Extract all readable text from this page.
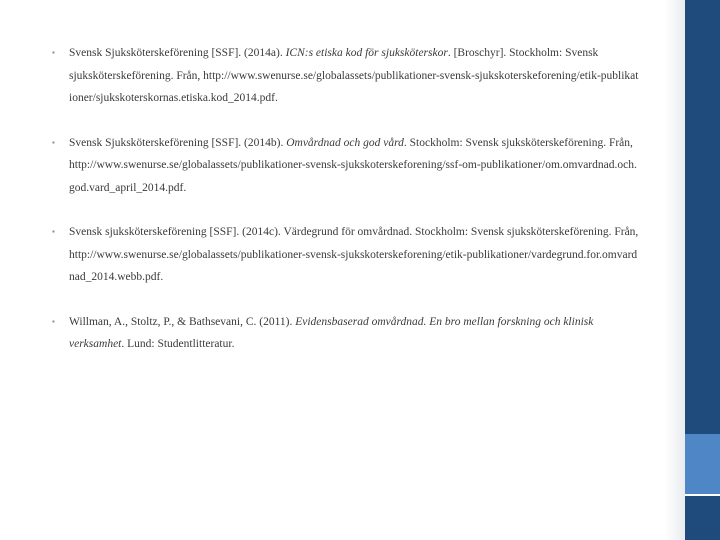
▪ Svensk Sjuksköterskeförening [SSF]. (2014a). ICN:s etiska kod för sjuksköterskor. [Broschyr]. Stockholm: Svensk sjuksköterskeförening. Från, http://www.swenurse.se/globalassets/publikationer-svensk-sjukskoterskeforening/etik-publikationer/sjukskoterskornas.etiska.kod_2014.pdf.
▪ Svensk Sjuksköterskeförening [SSF]. (2014b). Omvårdnad och god vård. Stockholm: Svensk sjuksköterskeförening. Från, http://www.swenurse.se/globalassets/publikationer-svensk-sjukskoterskeforening/ssf-om-publikationer/om.omvardnad.och.god.vard_april_2014.pdf.
▪ Svensk sjuksköterskeförening [SSF]. (2014c). Värdegrund för omvårdnad. Stockholm: Svensk sjuksköterskeförening. Från, http://www.swenurse.se/globalassets/publikationer-svensk-sjukskoterskeforening/etik-publikationer/vardegrund.for.omvardnad_2014.webb.pdf.
▪ Willman, A., Stoltz, P., & Bathsevani, C. (2011). Evidensbaserad omvårdnad. En bro mellan forskning och klinisk verksamhet. Lund: Studentlitteratur.
